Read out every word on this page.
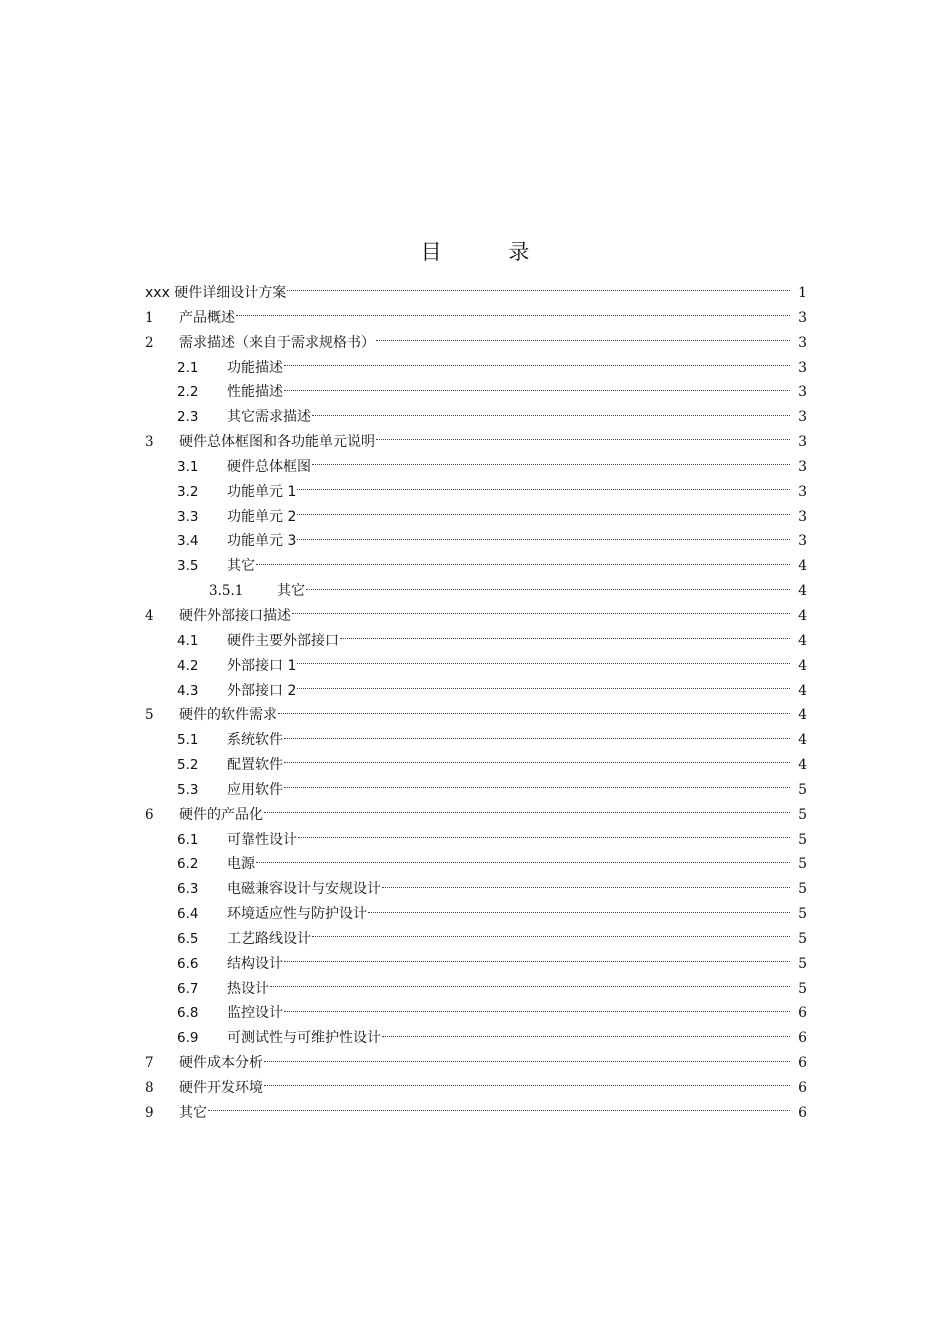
目 录
xxx 硬件详细设计方案	1
1	产品概述	3
2	需求描述（来自于需求规格书）	3
2.1	功能描述	3
2.2	性能描述	3
2.3	其它需求描述	3
3	硬件总体框图和各功能单元说明	3
3.1	硬件总体框图	3
3.2	功能单元 1	3
3.3	功能单元 2	3
3.4	功能单元 3	3
3.5	其它	4
3.5.1	其它	4
4	硬件外部接口描述	4
4.1	硬件主要外部接口	4
4.2	外部接口 1	4
4.3	外部接口 2	4
5	硬件的软件需求	4
5.1	系统软件	4
5.2	配置软件	4
5.3	应用软件	5
6	硬件的产品化	5
6.1	可靠性设计	5
6.2	电源	5
6.3	电磁兼容设计与安规设计	5
6.4	环境适应性与防护设计	5
6.5	工艺路线设计	5
6.6	结构设计	5
6.7	热设计	5
6.8	监控设计	6
6.9	可测试性与可维护性设计	6
7	硬件成本分析	6
8	硬件开发环境	6
9	其它	6
